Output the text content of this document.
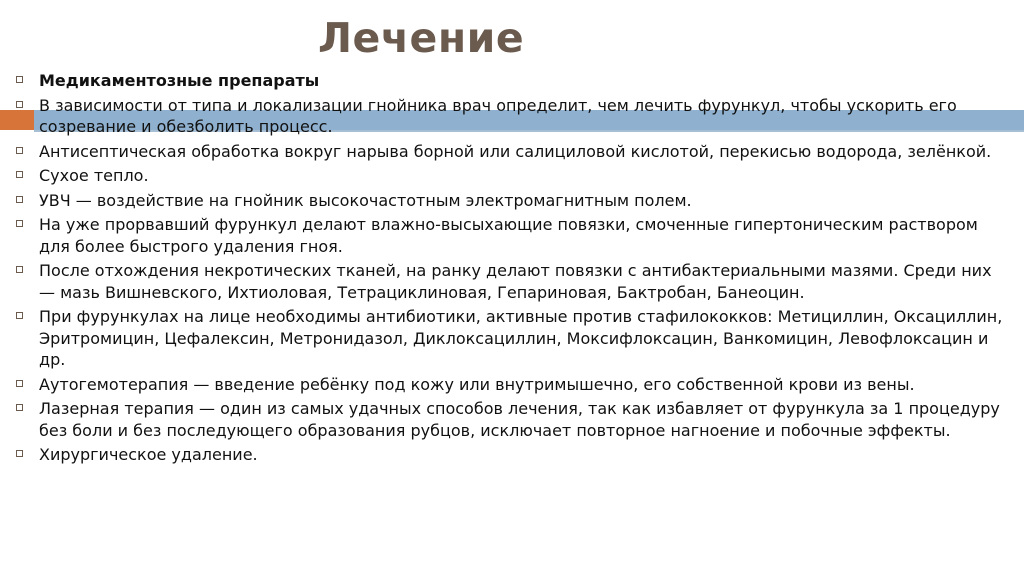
Лечение
Медикаментозные препараты
В зависимости от типа и локализации гнойника врач определит, чем лечить фурункул, чтобы ускорить его созревание и обезболить процесс.
Антисептическая обработка вокруг нарыва борной или салициловой кислотой, перекисью водорода, зелёнкой.
Сухое тепло.
УВЧ — воздействие на гнойник высокочастотным электромагнитным полем.
На уже прорвавший фурункул делают влажно-высыхающие повязки, смоченные гипертоническим раствором для более быстрого удаления гноя.
После отхождения некротических тканей, на ранку делают повязки с антибактериальными мазями. Среди них — мазь Вишневского, Ихтиоловая, Тетрациклиновая, Гепариновая, Бактробан, Банеоцин.
При фурункулах на лице необходимы антибиотики, активные против стафилококков: Метициллин, Оксациллин, Эритромицин, Цефалексин, Метронидазол, Диклоксациллин, Моксифлоксацин, Ванкомицин, Левофлоксацин и др.
Аутогемотерапия — введение ребёнку под кожу или внутримышечно, его собственной крови из вены.
Лазерная терапия — один из самых удачных способов лечения, так как избавляет от фурункула за 1 процедуру без боли и без последующего образования рубцов, исключает повторное нагноение и побочные эффекты.
Хирургическое удаление.
